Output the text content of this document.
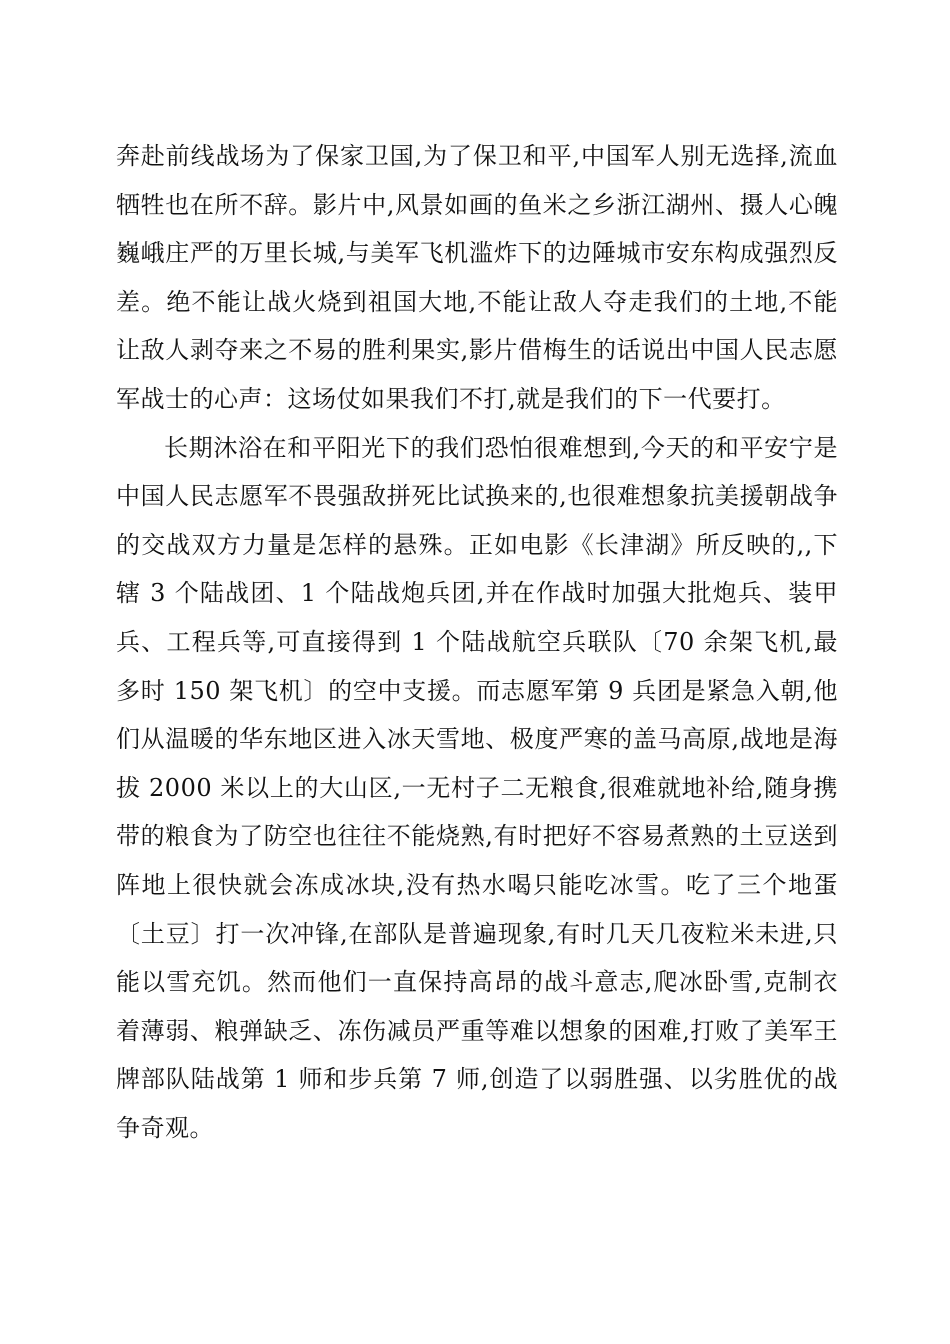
奔赴前线战场为了保家卫国,为了保卫和平,中国军人别无选择,流血牺牲也在所不辞。影片中,风景如画的鱼米之乡浙江湖州、摄人心魄巍峨庄严的万里长城,与美军飞机滥炸下的边陲城市安东构成强烈反差。绝不能让战火烧到祖国大地,不能让敌人夺走我们的土地,不能让敌人剥夺来之不易的胜利果实,影片借梅生的话说出中国人民志愿军战士的心声：这场仗如果我们不打,就是我们的下一代要打。

长期沐浴在和平阳光下的我们恐怕很难想到,今天的和平安宁是中国人民志愿军不畏强敌拼死比试换来的,也很难想象抗美援朝战争的交战双方力量是怎样的悬殊。正如电影《长津湖》所反映的,,下辖 3 个陆战团、1 个陆战炮兵团,并在作战时加强大批炮兵、装甲兵、工程兵等,可直接得到 1 个陆战航空兵联队〔70 余架飞机,最多时 150 架飞机〕的空中支援。而志愿军第 9 兵团是紧急入朝,他们从温暖的华东地区进入冰天雪地、极度严寒的盖马高原,战地是海拔 2000 米以上的大山区,一无村子二无粮食,很难就地补给,随身携带的粮食为了防空也往往不能烧熟,有时把好不容易煮熟的土豆送到阵地上很快就会冻成冰块,没有热水喝只能吃冰雪。吃了三个地蛋〔土豆〕打一次冲锋,在部队是普遍现象,有时几天几夜粒米未进,只能以雪充饥。然而他们一直保持高昂的战斗意志,爬冰卧雪,克制衣着薄弱、粮弹缺乏、冻伤减员严重等难以想象的困难,打败了美军王牌部队陆战第 1 师和步兵第 7 师,创造了以弱胜强、以劣胜优的战争奇观。
